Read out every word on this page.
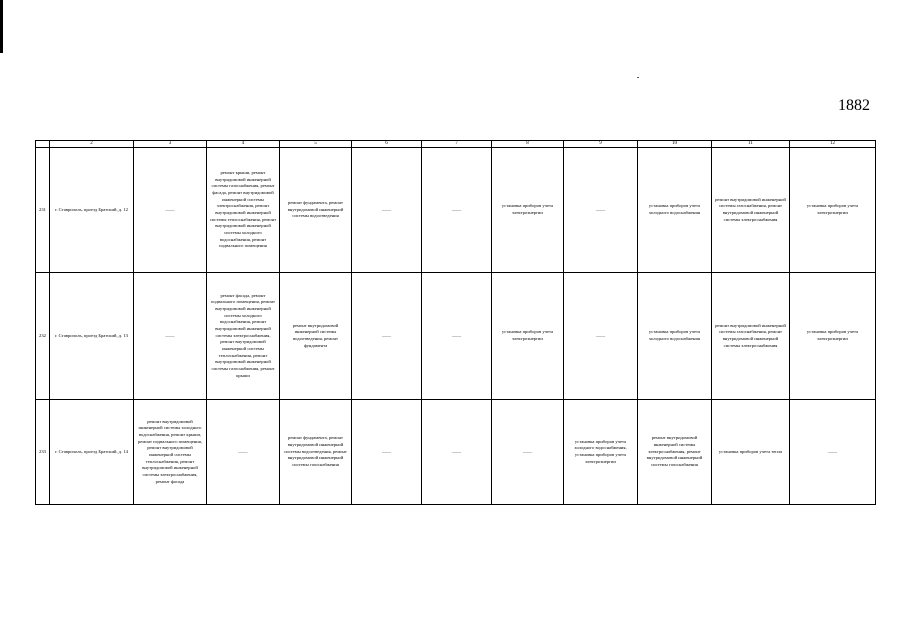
1882
	2	3	4	5	6	7	8	9	10	11	12
231	г. Ставрополь, проезд Братский, д. 12	——	ремонт крыши, ремонт внутридомовой инженерной системы газоснабжения, ремонт фасада, ремонт внутридомовой инженерной системы электроснабжения, ремонт внутридомовой инженерной системы теплоснабжения, ремонт внутридомовой инженерной системы холодного водоснабжения, ремонт подвального помещения	ремонт фундамента, ремонт внутридомовой инженерной системы водоотведения	——	——	установка приборов учета электроэнергии	——	установка приборов учета холодного водоснабжения	ремонт внутридомовой инженерной системы газоснабжения, ремонт внутридомовой инженерной системы электроснабжения	установка приборов учета электроэнергии
232	г. Ставрополь, проезд Братский, д. 13	——	ремонт фасада, ремонт подвального помещения, ремонт внутридомовой инженерной системы холодного водоснабжения, ремонт внутридомовой инженерной системы электроснабжения, ремонт внутридомовой инженерной системы теплоснабжения, ремонт внутридомовой инженерной системы газоснабжения, ремонт крыши	ремонт внутридомовой инженерной системы водоотведения, ремонт фундамента	——	——	установка приборов учета электроэнергии	——	установка приборов учета холодного водоснабжения	ремонт внутридомовой инженерной системы газоснабжения, ремонт внутридомовой инженерной системы электроснабжения	установка приборов учета электроэнергии
233	г. Ставрополь, проезд Братский, д. 14	ремонт внутридомовой инженерной системы холодного водоснабжения, ремонт крыши, ремонт подвального помещения, ремонт внутридомовой инженерной системы теплоснабжения, ремонт внутридомовой инженерной системы электроснабжения, ремонт фасада	——	ремонт фундамента, ремонт внутридомовой инженерной системы водоотведения, ремонт внутридомовой инженерной системы газоснабжения	——	——	——	установка приборов учета холодного водоснабжения, установка приборов учета электроэнергии	ремонт внутридомовой инженерной системы электроснабжения, ремонт внутридомовой инженерной системы газоснабжения	установка приборов учета тепла	——
